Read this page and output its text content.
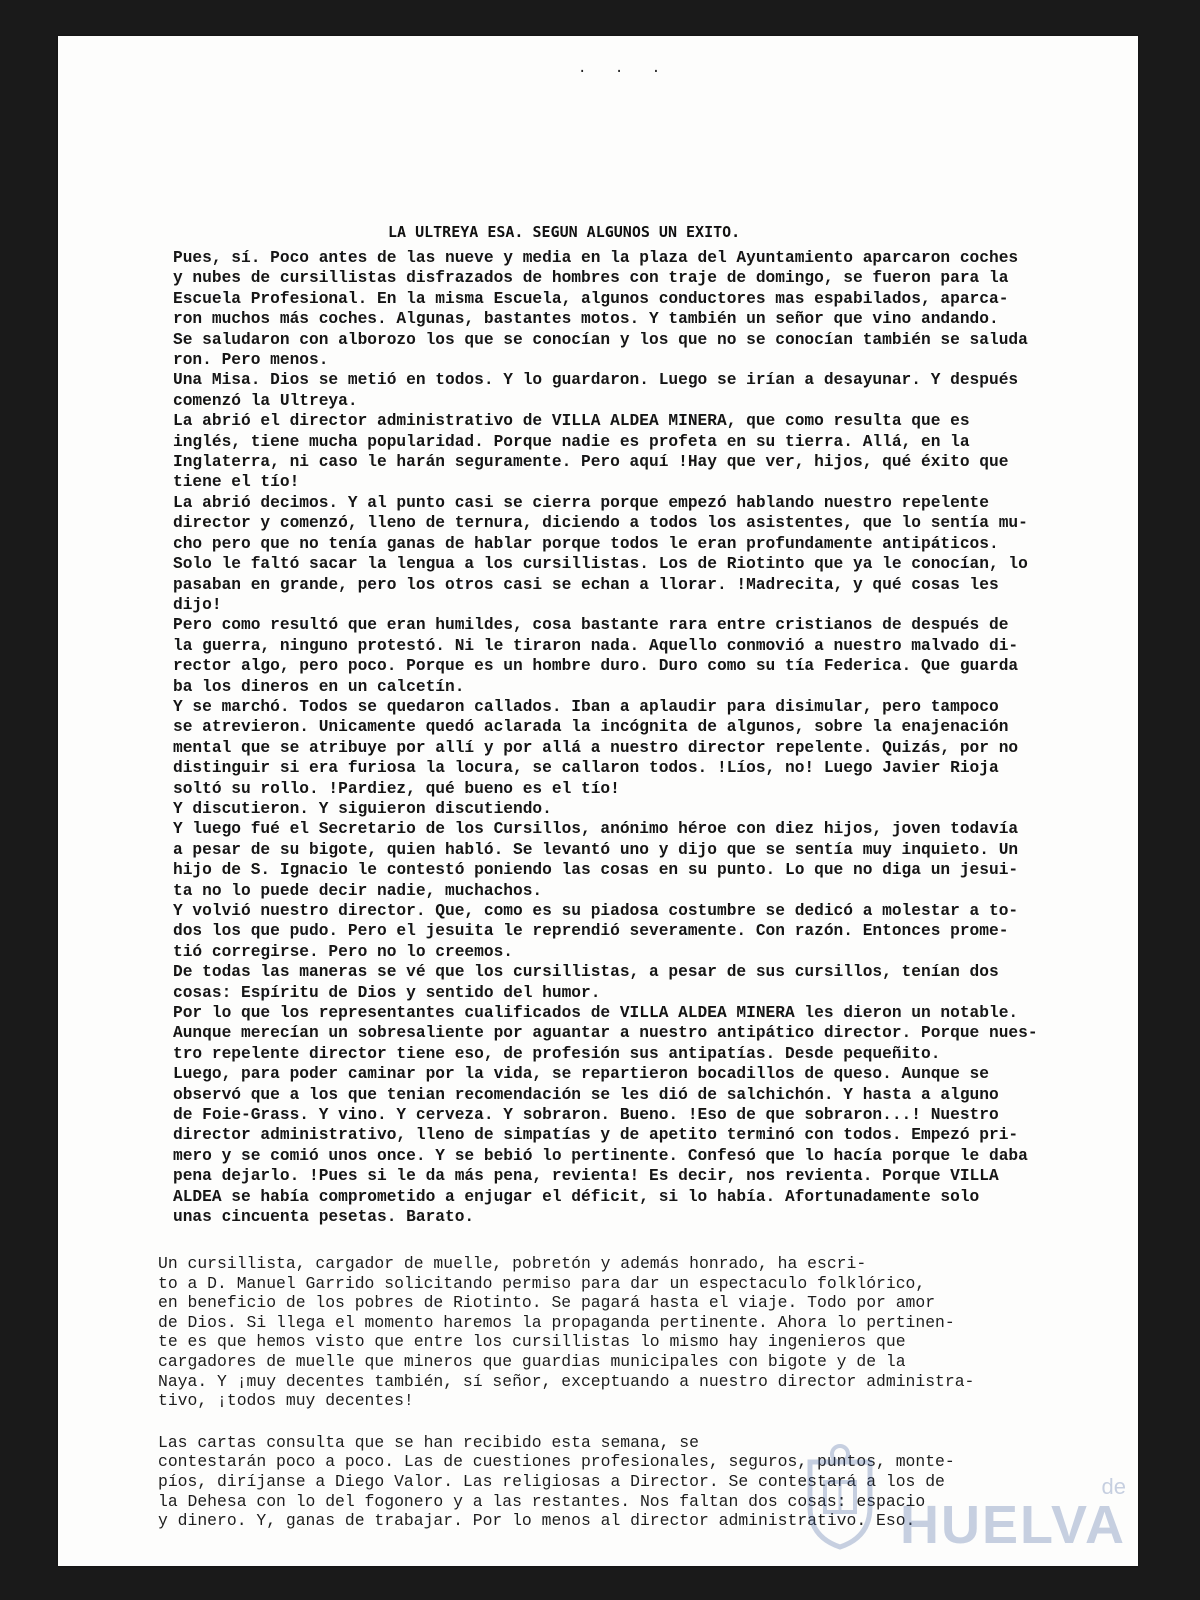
· · ·
LA ULTREYA ESA. SEGUN ALGUNOS UN EXITO.

Pues, sí. Poco antes de las nueve y media en la plaza del Ayuntamiento aparcaron coches
y nubes de cursillistas disfrazados de hombres con traje de domingo, se fueron para la
Escuela Profesional. En la misma Escuela, algunos conductores mas espabilados, aparca-
ron muchos más coches. Algunas, bastantes motos. Y también un señor que vino andando.
Se saludaron con alborozo los que se conocían y los que no se conocían también se saluda
ron. Pero menos.

Una Misa. Dios se metió en todos. Y lo guardaron. Luego se irían a desayunar. Y después
comenzó la Ultreya.

La abrió el director administrativo de VILLA ALDEA MINERA, que como resulta que es
inglés, tiene mucha popularidad. Porque nadie es profeta en su tierra. Allá, en la
Inglaterra, ni caso le harán seguramente. Pero aquí !Hay que ver, hijos, qué éxito que
tiene el tío!

La abrió decimos. Y al punto casi se cierra porque empezó hablando nuestro repelente
director y comenzó, lleno de ternura, diciendo a todos los asistentes, que lo sentía mu-
cho pero que no tenía ganas de hablar porque todos le eran profundamente antipáticos.
Solo le faltó sacar la lengua a los cursillistas. Los de Riotinto que ya le conocían, lo
pasaban en grande, pero los otros casi se echan a llorar. !Madrecita, y qué cosas les
dijo!

Pero como resultó que eran humildes, cosa bastante rara entre cristianos de después de
la guerra, ninguno protestó. Ni le tiraron nada. Aquello conmovió a nuestro malvado di-
rector algo, pero poco. Porque es un hombre duro. Duro como su tía Federica. Que guarda
ba los dineros en un calcetín.
Y se marchó. Todos se quedaron callados. Iban a aplaudir para disimular, pero tampoco
se atrevieron. Unicamente quedó aclarada la incógnita de algunos, sobre la enajenación
mental que se atribuye por allí y por allá a nuestro director repelente. Quizás, por no
distinguir si era furiosa la locura, se callaron todos. !Líos, no! Luego Javier Rioja
soltó su rollo. !Pardiez, qué bueno es el tío!
Y discutieron. Y siguieron discutiendo.
Y luego fué el Secretario de los Cursillos, anónimo héroe con diez hijos, joven todavía
a pesar de su bigote, quien habló. Se levantó uno y dijo que se sentía muy inquieto. Un
hijo de S. Ignacio le contestó poniendo las cosas en su punto. Lo que no diga un jesui-
ta no lo puede decir nadie, muchachos.
Y volvió nuestro director. Que, como es su piadosa costumbre se dedicó a molestar a to-
dos los que pudo. Pero el jesuita le reprendió severamente. Con razón. Entonces prome-
tió corregirse. Pero no lo creemos.
De todas las maneras se vé que los cursillistas, a pesar de sus cursillos, tenían dos
cosas: Espíritu de Dios y sentido del humor.
Por lo que los representantes cualificados de VILLA ALDEA MINERA les dieron un notable.
Aunque merecían un sobresaliente por aguantar a nuestro antipático director. Porque nues-
tro repelente director tiene eso, de profesión sus antipatías. Desde pequeñito.
Luego, para poder caminar por la vida, se repartieron bocadillos de queso. Aunque se
observó que a los que tenian recomendación se les dió de salchichón. Y hasta a alguno
de Foie-Grass. Y vino. Y cerveza. Y sobraron. Bueno. !Eso de que sobraron...! Nuestro
director administrativo, lleno de simpatías y de apetito terminó con todos. Empezó pri-
mero y se comió unos once. Y se bebió lo pertinente. Confesó que lo hacía porque le daba
pena dejarlo. !Pues si le da más pena, revienta! Es decir, nos revienta. Porque VILLA
ALDEA se había comprometido a enjugar el déficit, si lo había. Afortunadamente solo
unas cincuenta pesetas. Barato.

Un cursillista, cargador de muelle, pobretón y además honrado, ha escri-
to a D. Manuel Garrido solicitando permiso para dar un espectaculo folklórico,
en beneficio de los pobres de Riotinto. Se pagará hasta el viaje. Todo por amor
de Dios. Si llega el momento haremos la propaganda pertinente. Ahora lo pertinen-
te es que hemos visto que entre los cursillistas lo mismo hay ingenieros que
cargadores de muelle que mineros que guardias municipales con bigote y de la
Naya. Y ¡muy decentes también, sí señor, exceptuando a nuestro director administra-
tivo, ¡todos muy decentes!

Las cartas consulta que se han recibido esta semana, se
contestarán poco a poco. Las de cuestiones profesionales, seguros, puntos, monte-
píos, diríjanse a Diego Valor. Las religiosas a Director. Se contestará a los de
la Dehesa con lo del fogonero y a las restantes. Nos faltan dos cosas: espacio
y dinero. Y, ganas de trabajar. Por lo menos al director administrativo. Eso.

de
HUELVA
